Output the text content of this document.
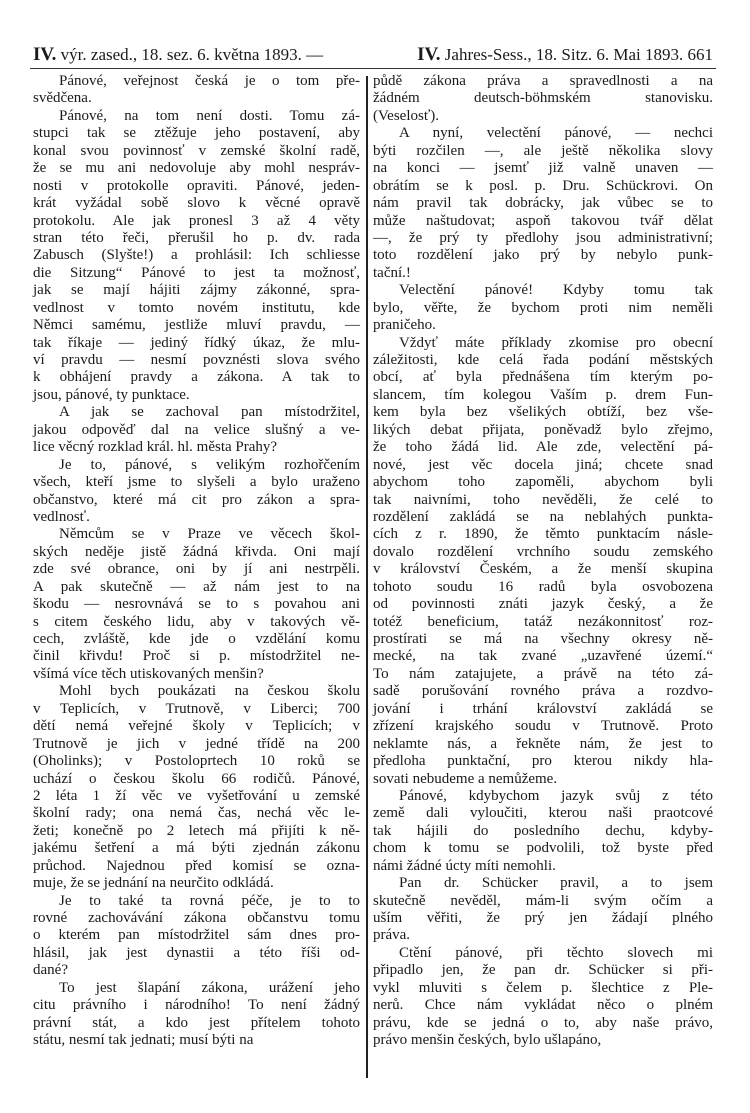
IV. výr. zased., 18. sez. 6. května 1893. —	IV. Jahres-Sess., 18. Sitz. 6. Mai 1893. 661
Pánové, veřejnost česká je o tom pře-
svědčena.
Pánové, na tom není dosti. Tomu zá-
stupci tak se ztěžuje jeho postavení, aby
konal svou povinnosť v zemské školní radě,
že se mu ani nedovoluje aby mohl nespráv-
nosti v protokolle opraviti. Pánové, jeden-
krát vyžádal sobě slovo k věcné opravě
protokolu. Ale jak pronesl 3 až 4 věty
stran této řeči, přerušil ho p. dv. rada
Zabusch (Slyšte!) a prohlásil: Ich schliesse
die Sitzung“ Pánové to jest ta možnosť,
jak se mají hájiti zájmy zákonné, spra-
vedlnost v tomto novém institutu, kde
Němci samému, jestliže mluví pravdu, —
tak říkaje — jediný řídký úkaz, že mlu-
ví pravdu — nesmí povznésti slova svého
k obhájení pravdy a zákona. A tak to
jsou, pánové, ty punktace.
A jak se zachoval pan místodržitel,
jakou odpověď dal na velice slušný a ve-
lice věcný rozklad král. hl. města Prahy?
Je to, pánové, s velikým rozhořčením
všech, kteří jsme to slyšeli a bylo uraženo
občanstvo, které má cit pro zákon a spra-
vedlnosť.
Němcům se v Praze ve věcech škol-
ských neděje jistě žádná křivda. Oni mají
zde své obrance, oni by jí ani nestrpěli.
A pak skutečně — až nám jest to na
škodu — nesrovnává se to s povahou ani
s citem českého lidu, aby v takových vě-
cech, zvláště, kde jde o vzdělání komu
činil křivdu! Proč si p. místodržitel ne-
všímá více těch utiskovaných menšin?
Mohl bych poukázati na českou školu
v Teplicích, v Trutnově, v Liberci; 700
dětí nemá veřejné školy v Teplicích; v
Trutnově je jich v jedné třídě na 200
(Oholinks); v Postoloprtech 10 roků se
uchází o českou školu 66 rodičů. Pánové,
2 léta 1 ží věc ve vyšetřování u zemské
školní rady; ona nemá čas, nechá věc le-
žeti; konečně po 2 letech má přijíti k ně-
jakému šetření a má býti zjednán zákonu
průchod. Najednou před komisí se ozna-
muje, že se jednání na neurčito odkládá.
Je to také ta rovná péče, je to to
rovné zachovávání zákona občanstvu tomu
o kterém pan místodržitel sám dnes pro-
hlásil, jak jest dynastii a této říši od-
dané?
To jest šlapání zákona, urážení jeho
citu právního i národního! To není žádný
právní stát, a kdo jest přítelem tohoto
státu, nesmí tak jednati; musí býti na
půdě zákona práva a spravedlnosti a na
žádném deutsch-böhmském stanovisku.
(Veselosť).
A nyní, velectění pánové, — nechci
býti rozčilen —, ale ještě několika slovy
na konci — jsemť již valně unaven —
obrátím se k posl. p. Dru. Schückrovi. On
nám pravil tak dobrácky, jak vůbec se to
může naštudovat; aspoň takovou tvář dělat
—, že prý ty předlohy jsou administrativní;
toto rozdělení jako prý by nebylo punk-
tační.!
Velectění pánové! Kdyby tomu tak
bylo, věřte, že bychom proti nim neměli
praničeho.
Vždyť máte příklady zkomise pro obecní
záležitosti, kde celá řada podání městských
obcí, ať byla přednášena tím kterým po-
slancem, tím kolegou Vaším p. drem Fun-
kem byla bez všelikých obtíží, bez vše-
likých debat přijata, poněvadž bylo zřejmo,
že toho žádá lid. Ale zde, velectění pá-
nové, jest věc docela jiná; chcete snad
abychom toho zapoměli, abychom byli
tak naivními, toho nevěděli, že celé to
rozdělení zakládá se na neblahých punkta-
cích z r. 1890, že těmto punktacím násle-
dovalo rozdělení vrchního soudu zemského
v království Českém, a že menší skupina
tohoto soudu 16 radů byla osvobozena
od povinnosti znáti jazyk český, a že
totéž beneficium, tatáž nezákonnitosť roz-
prostírati se má na všechny okresy ně-
mecké, na tak zvané „uzavřené území.“
To nám zatajujete, a právě na této zá-
sadě porušování rovného práva a rozdvo-
jování i trhání království zakládá se
zřízení krajského soudu v Trutnově. Proto
neklamte nás, a řekněte nám, že jest to
předloha punktační, pro kterou nikdy hla-
sovati nebudeme a nemůžeme.
Pánové, kdybychom jazyk svůj z této
země dali vyloučiti, kterou naši praotcové
tak hájili do posledního dechu, kdyby-
chom k tomu se podvolili, tož byste před
námi žádné úcty míti nemohli.
Pan dr. Schücker pravil, a to jsem
skutečně nevěděl, mám-li svým očím a
uším věřiti, že prý jen žádají plného
práva.
Ctění pánové, při těchto slovech mi
připadlo jen, že pan dr. Schücker si při-
vykl mluviti s čelem p. šlechtice z Ple-
nerů. Chce nám vykládat něco o plném
právu, kde se jedná o to, aby naše právo,
právo menšin českých, bylo ušlapáno,
